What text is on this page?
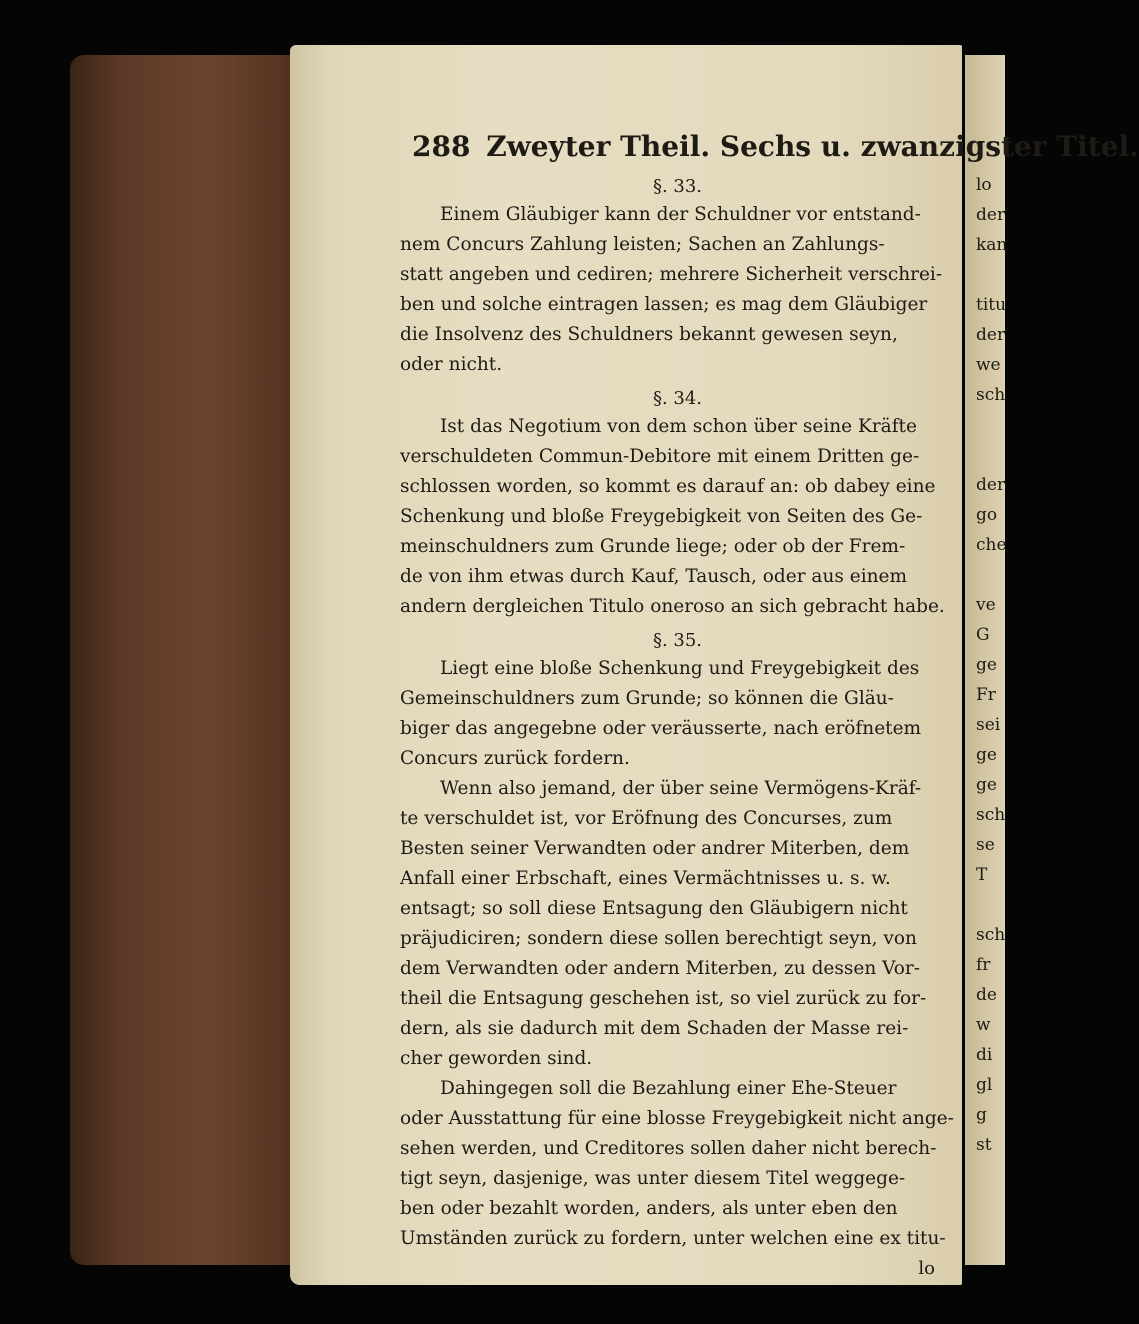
288 Zweyter Theil. Sechs u. zwanzigster Titel.
§. 33.
Einem Gläubiger kann der Schuldner vor entstand-
nem Concurs Zahlung leisten; Sachen an Zahlungs-
statt angeben und cediren; mehrere Sicherheit verschrei-
ben und solche eintragen lassen; es mag dem Gläubiger
die Insolvenz des Schuldners bekannt gewesen seyn,
oder nicht.
§. 34.
Ist das Negotium von dem schon über seine Kräfte
verschuldeten Commun-Debitore mit einem Dritten ge-
schlossen worden, so kommt es darauf an: ob dabey eine
Schenkung und bloße Freygebigkeit von Seiten des Ge-
meinschuldners zum Grunde liege; oder ob der Frem-
de von ihm etwas durch Kauf, Tausch, oder aus einem
andern dergleichen Titulo oneroso an sich gebracht habe.
§. 35.
Liegt eine bloße Schenkung und Freygebigkeit des
Gemeinschuldners zum Grunde; so können die Gläu-
biger das angegebne oder veräusserte, nach eröfnetem
Concurs zurück fordern.
Wenn also jemand, der über seine Vermögens-Kräf-
te verschuldet ist, vor Eröfnung des Concurses, zum
Besten seiner Verwandten oder andrer Miterben, dem
Anfall einer Erbschaft, eines Vermächtnisses u. s. w.
entsagt; so soll diese Entsagung den Gläubigern nicht
präjudiciren; sondern diese sollen berechtigt seyn, von
dem Verwandten oder andern Miterben, zu dessen Vor-
theil die Entsagung geschehen ist, so viel zurück zu for-
dern, als sie dadurch mit dem Schaden der Masse rei-
cher geworden sind.
Dahingegen soll die Bezahlung einer Ehe-Steuer
oder Ausstattung für eine blosse Freygebigkeit nicht ange-
sehen werden, und Creditores sollen daher nicht berech-
tigt seyn, dasjenige, was unter diesem Titel weggege-
ben oder bezahlt worden, anders, als unter eben den
Umständen zurück zu fordern, unter welchen eine ex titu-
lo
lo
der
kan

titu
der
we
sch

der
go
che

ve
G
ge
Fr
sei
ge
ge
sch
se
T

sch
fr
de
w
di
gl
g
st
